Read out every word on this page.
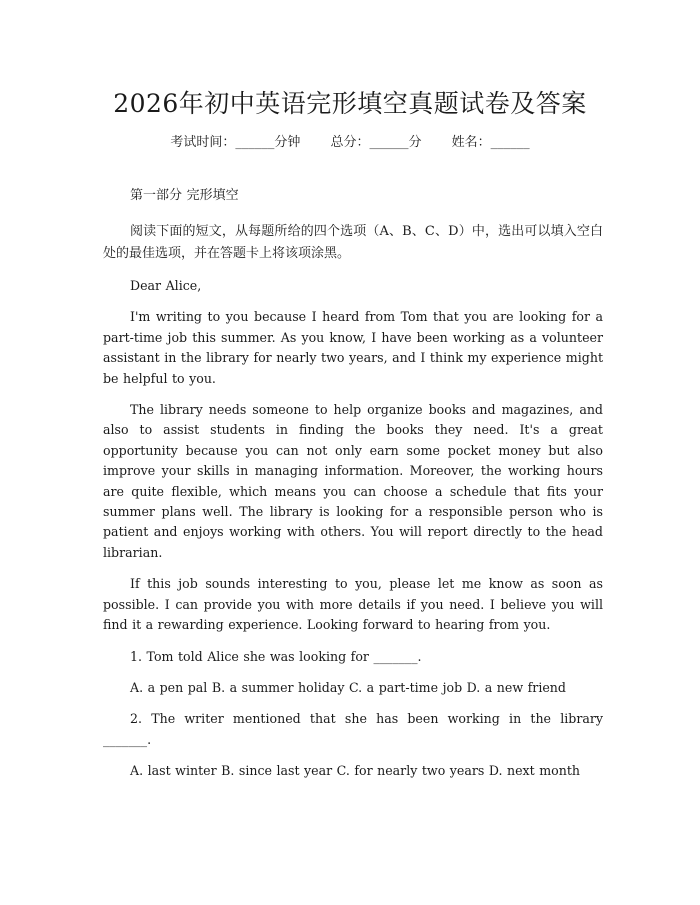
2026年初中英语完形填空真题试卷及答案
考试时间：______分钟 总分：______分 姓名：______

第一部分 完形填空

阅读下面的短文，从每题所给的四个选项（A、B、C、D）中，选出可以填入空白处的最佳选项，并在答题卡上将该项涂黑。

Dear Alice,

I'm writing to you because I heard from Tom that you are looking for a part-time job this summer. As you know, I have been working as a volunteer assistant in the library for nearly two years, and I think my experience might be helpful to you.

The library needs someone to help organize books and magazines, and also to assist students in finding the books they need. It's a great opportunity because you can not only earn some pocket money but also improve your skills in managing information. Moreover, the working hours are quite flexible, which means you can choose a schedule that fits your summer plans well. The library is looking for a responsible person who is patient and enjoys working with others. You will report directly to the head librarian.

If this job sounds interesting to you, please let me know as soon as possible. I can provide you with more details if you need. I believe you will find it a rewarding experience. Looking forward to hearing from you.

1. Tom told Alice she was looking for _______.

A. a pen pal B. a summer holiday C. a part-time job D. a new friend

2. The writer mentioned that she has been working in the library _______.

A. last winter B. since last year C. for nearly two years D. next month
